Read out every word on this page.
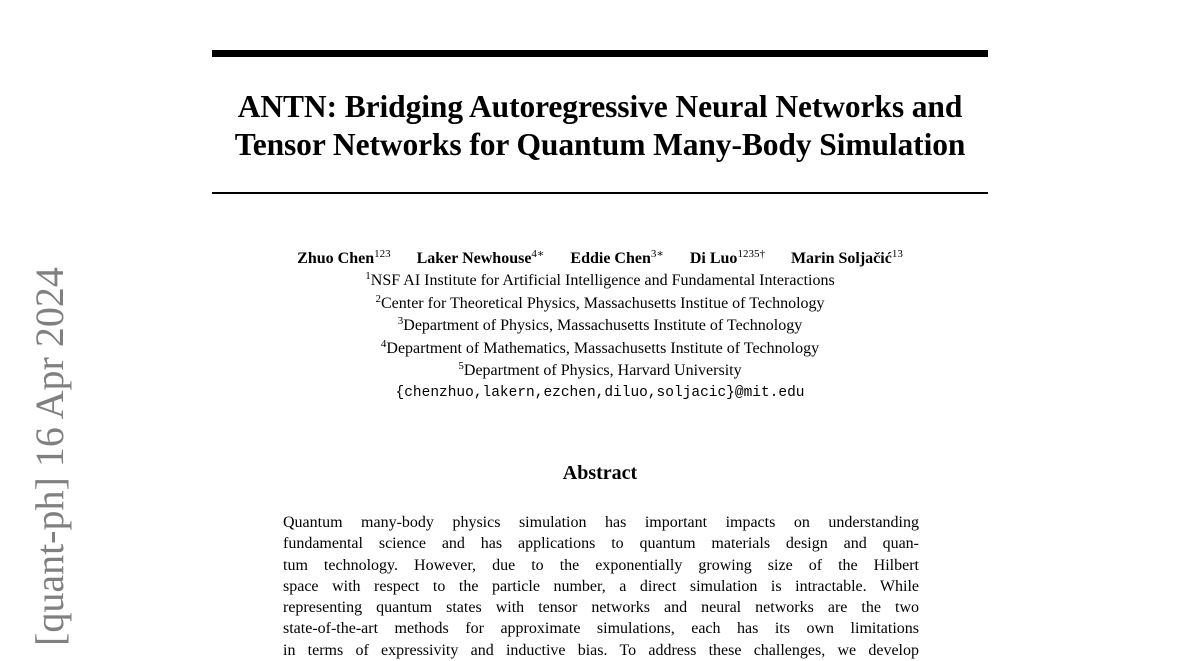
[quant-ph] 16 Apr 2024
ANTN: Bridging Autoregressive Neural Networks and
Tensor Networks for Quantum Many-Body Simulation
Zhuo Chen$^{123}$ Laker Newhouse$^{4∗}$ Eddie Chen$^{3∗}$ Di Luo$^{1235\dagger}$ Marin Soljačić$^{13}$
$^1$NSF AI Institute for Artificial Intelligence and Fundamental Interactions
$^2$Center for Theoretical Physics, Massachusetts Institue of Technology
$^3$Department of Physics, Massachusetts Institute of Technology
$^4$Department of Mathematics, Massachusetts Institute of Technology
$^5$Department of Physics, Harvard University
{chenzhuo,lakern,ezchen,diluo,soljacic}@mit.edu
Abstract
Quantum many-body physics simulation has important impacts on understanding
fundamental science and has applications to quantum materials design and quan-
tum technology. However, due to the exponentially growing size of the Hilbert
space with respect to the particle number, a direct simulation is intractable. While
representing quantum states with tensor networks and neural networks are the two
state-of-the-art methods for approximate simulations, each has its own limitations
in terms of expressivity and inductive bias. To address these challenges, we develop
